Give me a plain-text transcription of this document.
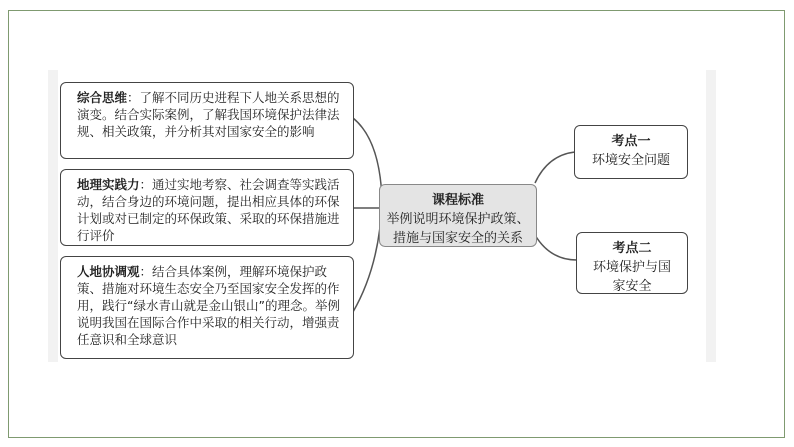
综合思维：了解不同历史进程下人地关系思想的演变。结合实际案例，了解我国环境保护法律法规、相关政策，并分析其对国家安全的影响
地理实践力：通过实地考察、社会调查等实践活动，结合身边的环境问题，提出相应具体的环保计划或对已制定的环保政策、采取的环保措施进行评价
人地协调观：结合具体案例，理解环境保护政策、措施对环境生态安全乃至国家安全发挥的作用，践行“绿水青山就是金山银山”的理念。举例说明我国在国际合作中采取的相关行动，增强责任意识和全球意识
课程标准
举例说明环境保护政策、措施与国家安全的关系
考点一
环境安全问题
考点二
环境保护与国家安全
